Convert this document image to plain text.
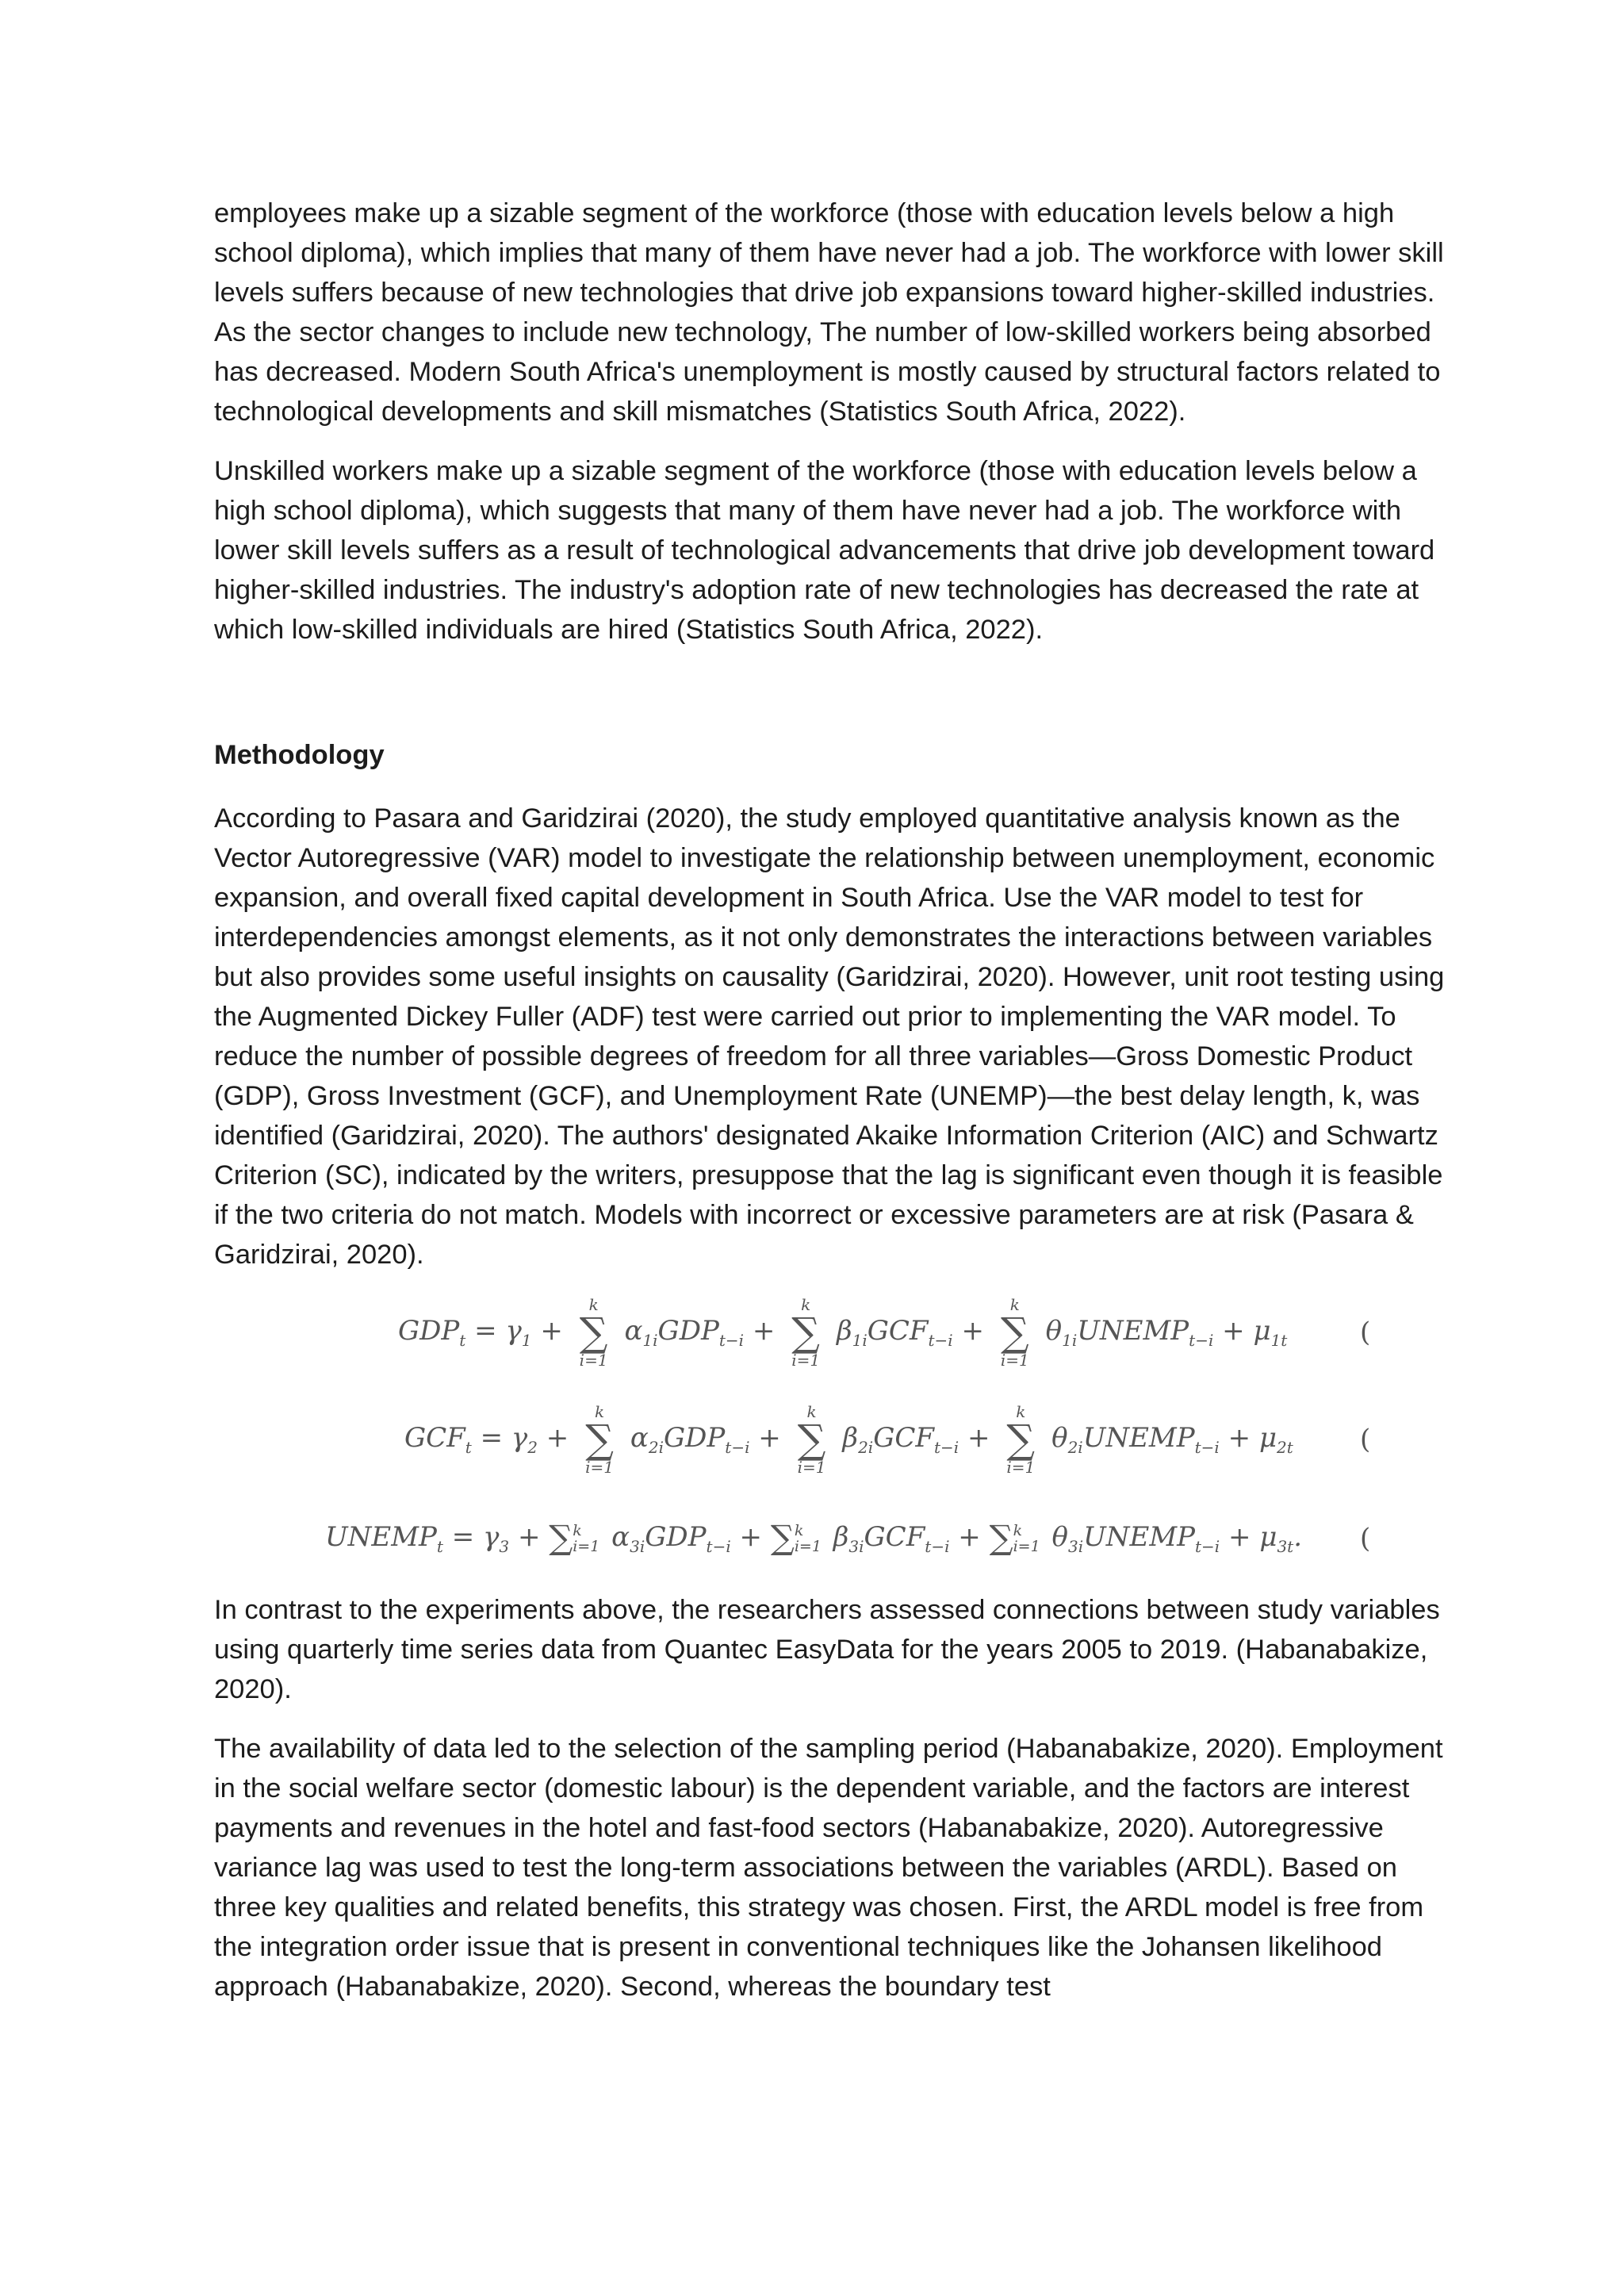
employees make up a sizable segment of the workforce (those with education levels below a high school diploma), which implies that many of them have never had a job. The workforce with lower skill levels suffers because of new technologies that drive job expansions toward higher-skilled industries. As the sector changes to include new technology, The number of low-skilled workers being absorbed has decreased. Modern South Africa's unemployment is mostly caused by structural factors related to technological developments and skill mismatches (Statistics South Africa, 2022).

Unskilled workers make up a sizable segment of the workforce (those with education levels below a high school diploma), which suggests that many of them have never had a job. The workforce with lower skill levels suffers as a result of technological advancements that drive job development toward higher-skilled industries. The industry's adoption rate of new technologies has decreased the rate at which low-skilled individuals are hired (Statistics South Africa, 2022).

Methodology

According to Pasara and Garidzirai (2020), the study employed quantitative analysis known as the Vector Autoregressive (VAR) model to investigate the relationship between unemployment, economic expansion, and overall fixed capital development in South Africa. Use the VAR model to test for interdependencies amongst elements, as it not only demonstrates the interactions between variables but also provides some useful insights on causality (Garidzirai, 2020). However, unit root testing using the Augmented Dickey Fuller (ADF) test were carried out prior to implementing the VAR model. To reduce the number of possible degrees of freedom for all three variables—Gross Domestic Product (GDP), Gross Investment (GCF), and Unemployment Rate (UNEMP)—the best delay length, k, was identified (Garidzirai, 2020). The authors' designated Akaike Information Criterion (AIC) and Schwartz Criterion (SC), indicated by the writers, presuppose that the lag is significant even though it is feasible if the two criteria do not match. Models with incorrect or excessive parameters are at risk (Pasara & Garidzirai, 2020).

$GDP_t = \gamma_1$ +
k
∑
i=1
$\alpha_{1i}GDP_{t-i}$ +
k
∑
i=1
$\beta_{1i}GCF_{t-i}$ +
k
∑
i=1
$\theta_{1i}UNEMP_{t-i} + \mu_{1t}$	(
$GCF_t = \gamma_2$ +
k
∑
i=1
$\alpha_{2i}GDP_{t-i}$ +
k
∑
i=1
$\beta_{2i}GCF_{t-i}$ +
k
∑
i=1
$\theta_{2i}UNEMP_{t-i} + \mu_{2t}$ (
$UNEMP_t = \gamma_3$ + ∑ k
i=1 $\alpha_{3i}GDP_{t-i}$ + ∑ k
i=1 $\beta_{3i}GCF_{t-i}$ + ∑ k
i=1 $\theta_{3i}UNEMP_{t-i} + \mu_{3t}$. (

In contrast to the experiments above, the researchers assessed connections between study variables using quarterly time series data from Quantec EasyData for the years 2005 to 2019. (Habanabakize, 2020).

The availability of data led to the selection of the sampling period (Habanabakize, 2020). Employment in the social welfare sector (domestic labour) is the dependent variable, and the factors are interest payments and revenues in the hotel and fast-food sectors (Habanabakize, 2020). Autoregressive variance lag was used to test the long-term associations between the variables (ARDL). Based on three key qualities and related benefits, this strategy was chosen. First, the ARDL model is free from the integration order issue that is present in conventional techniques like the Johansen likelihood approach (Habanabakize, 2020). Second, whereas the boundary test
